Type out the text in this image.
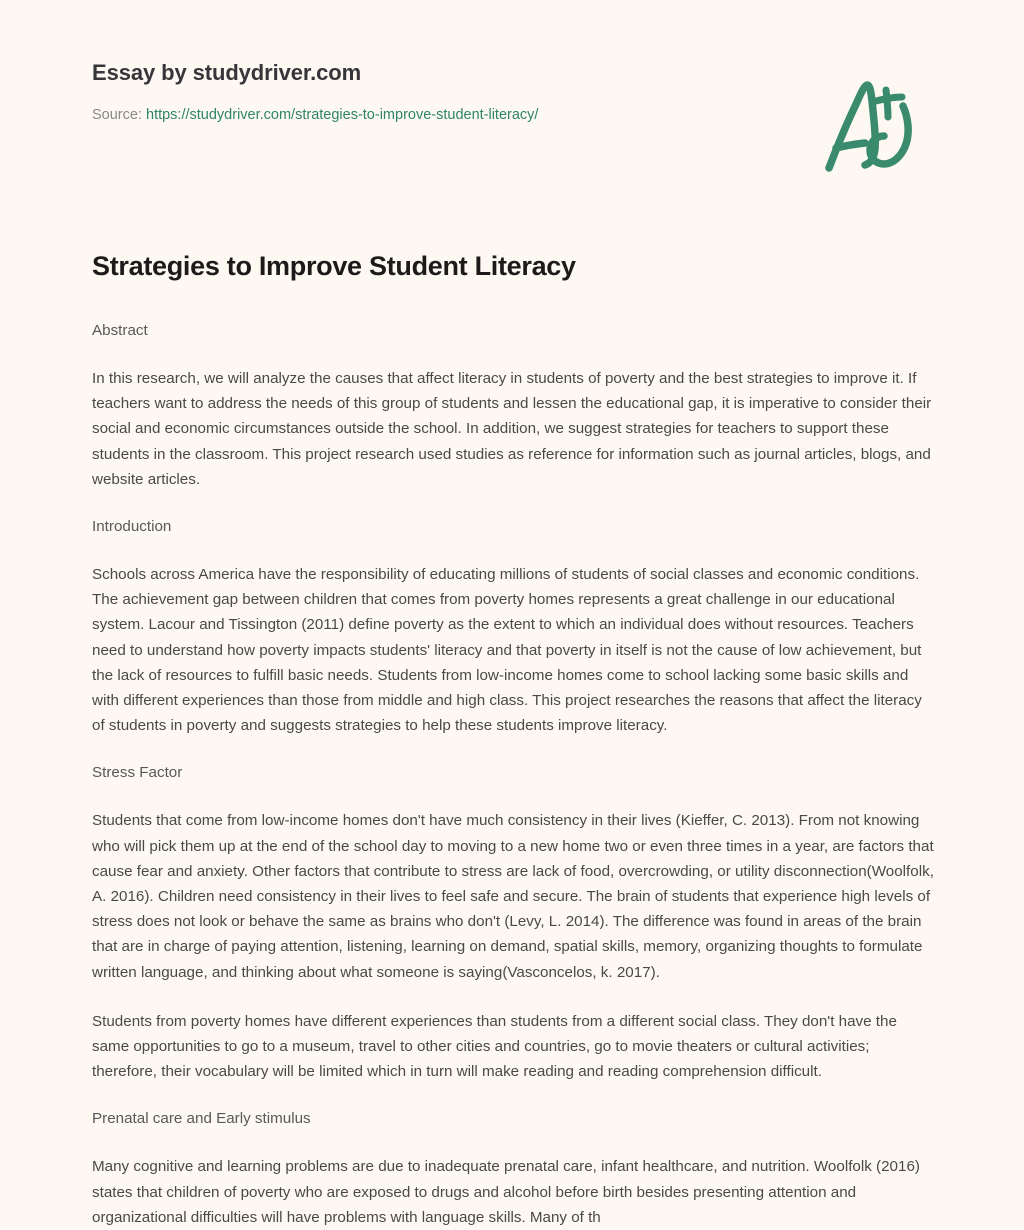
Essay by studydriver.com
Source: https://studydriver.com/strategies-to-improve-student-literacy/
Strategies to Improve Student Literacy
Abstract

In this research, we will analyze the causes that affect literacy in students of poverty and the best strategies to improve it. If teachers want to address the needs of this group of students and lessen the educational gap, it is imperative to consider their social and economic circumstances outside the school. In addition, we suggest strategies for teachers to support these students in the classroom. This project research used studies as reference for information such as journal articles, blogs, and website articles.

Introduction

Schools across America have the responsibility of educating millions of students of social classes and economic conditions. The achievement gap between children that comes from poverty homes represents a great challenge in our educational system. Lacour and Tissington (2011) define poverty as the extent to which an individual does without resources. Teachers need to understand how poverty impacts students' literacy and that poverty in itself is not the cause of low achievement, but the lack of resources to fulfill basic needs. Students from low-income homes come to school lacking some basic skills and with different experiences than those from middle and high class. This project researches the reasons that affect the literacy of students in poverty and suggests strategies to help these students improve literacy.

Stress Factor

Students that come from low-income homes don't have much consistency in their lives (Kieffer, C. 2013). From not knowing who will pick them up at the end of the school day to moving to a new home two or even three times in a year, are factors that cause fear and anxiety. Other factors that contribute to stress are lack of food, overcrowding, or utility disconnection(Woolfolk, A. 2016). Children need consistency in their lives to feel safe and secure. The brain of students that experience high levels of stress does not look or behave the same as brains who don't (Levy, L. 2014). The difference was found in areas of the brain that are in charge of paying attention, listening, learning on demand, spatial skills, memory, organizing thoughts to formulate written language, and thinking about what someone is saying(Vasconcelos, k. 2017).

Students from poverty homes have different experiences than students from a different social class. They don't have the same opportunities to go to a museum, travel to other cities and countries, go to movie theaters or cultural activities; therefore, their vocabulary will be limited which in turn will make reading and reading comprehension difficult.

Prenatal care and Early stimulus

Many cognitive and learning problems are due to inadequate prenatal care, infant healthcare, and nutrition. Woolfolk (2016) states that children of poverty who are exposed to drugs and alcohol before birth besides presenting attention and organizational difficulties will have problems with language skills. Many of th
